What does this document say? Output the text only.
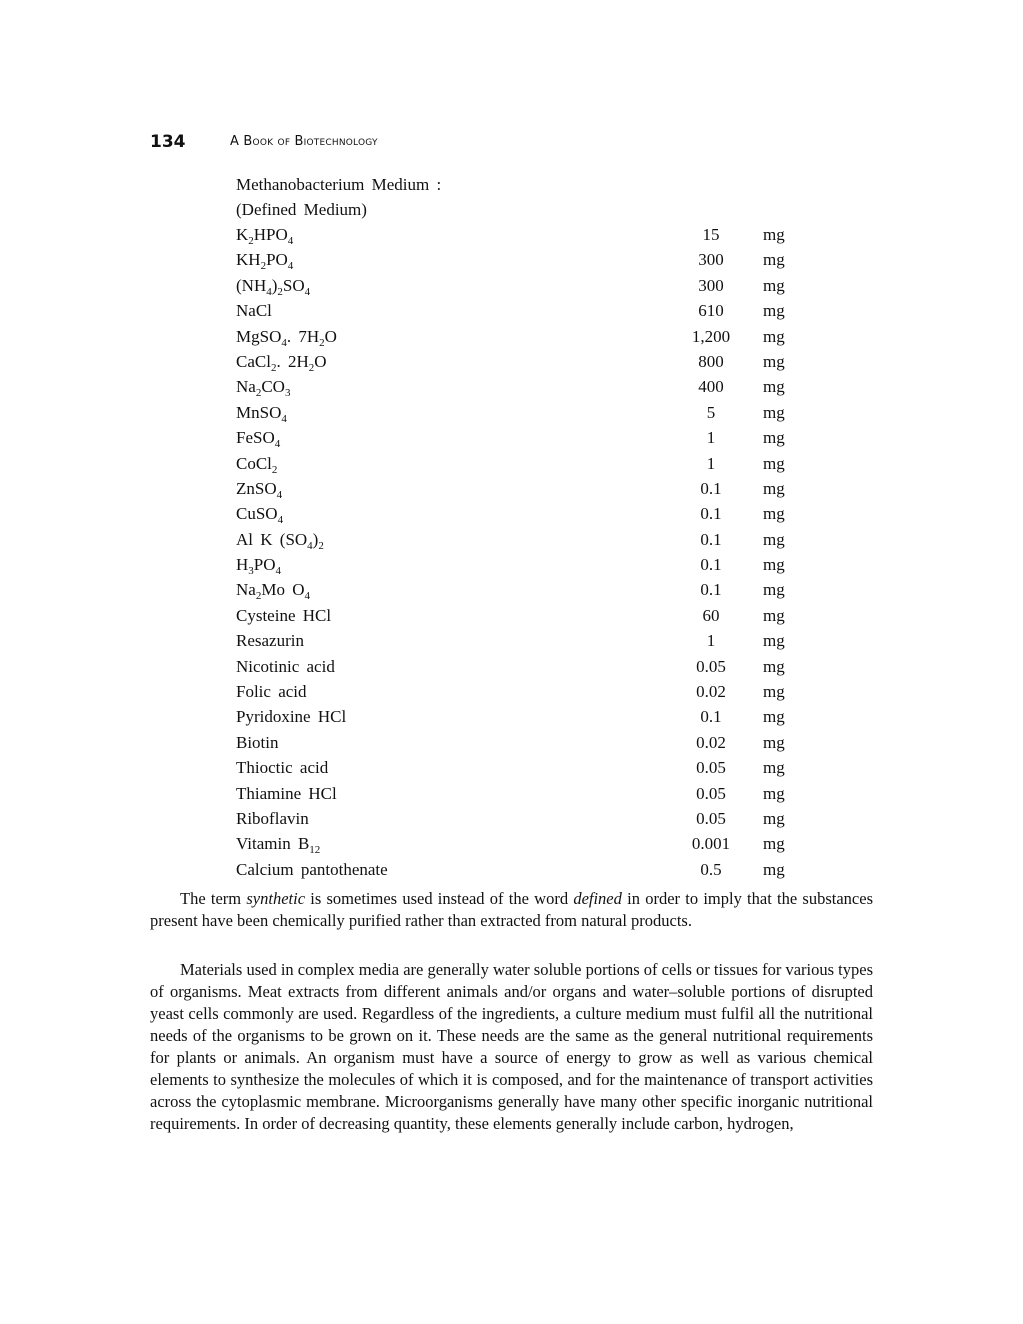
134	A Book of Biotechnology
Methanobacterium Medium :
(Defined Medium)
$K_2HPO_4$	15	mg
$KH_2PO_4$	300	mg
$(NH_4)_2SO_4$	300	mg
NaCl	610	mg
MgSO$_4$. $7H_2O$	1,200	mg
CaCl$_2$. $2H_2O$	800	mg
$Na_2CO_3$	400	mg
MnSO$_4$	5	mg
FeSO$_4$	1	mg
CoCl$_2$	1	mg
ZnSO$_4$	0.1	mg
CuSO$_4$	0.1	mg
Al K $(SO_4)_2$	0.1	mg
$H_3PO_4$	0.1	mg
$Na_2Mo$ $O_4$	0.1	mg
Cysteine HCl	60	mg
Resazurin	1	mg
Nicotinic acid	0.05	mg
Folic acid	0.02	mg
Pyridoxine HCl	0.1	mg
Biotin	0.02	mg
Thioctic acid	0.05	mg
Thiamine HCl	0.05	mg
Riboflavin	0.05	mg
Vitamin $B_{12}$	0.001	mg
Calcium pantothenate	0.5	mg
The term synthetic is sometimes used instead of the word defined in order to imply that the substances present have been chemically purified rather than extracted from natural products.
Materials used in complex media are generally water soluble portions of cells or tissues for various types of organisms. Meat extracts from different animals and/or organs and water–soluble portions of disrupted yeast cells commonly are used. Regardless of the ingredients, a culture medium must fulfil all the nutritional needs of the organisms to be grown on it. These needs are the same as the general nutritional requirements for plants or animals. An organism must have a source of energy to grow as well as various chemical elements to synthesize the molecules of which it is composed, and for the maintenance of transport activities across the cytoplasmic membrane. Microorganisms generally have many other specific inorganic nutritional requirements. In order of decreasing quantity, these elements generally include carbon, hydrogen,
